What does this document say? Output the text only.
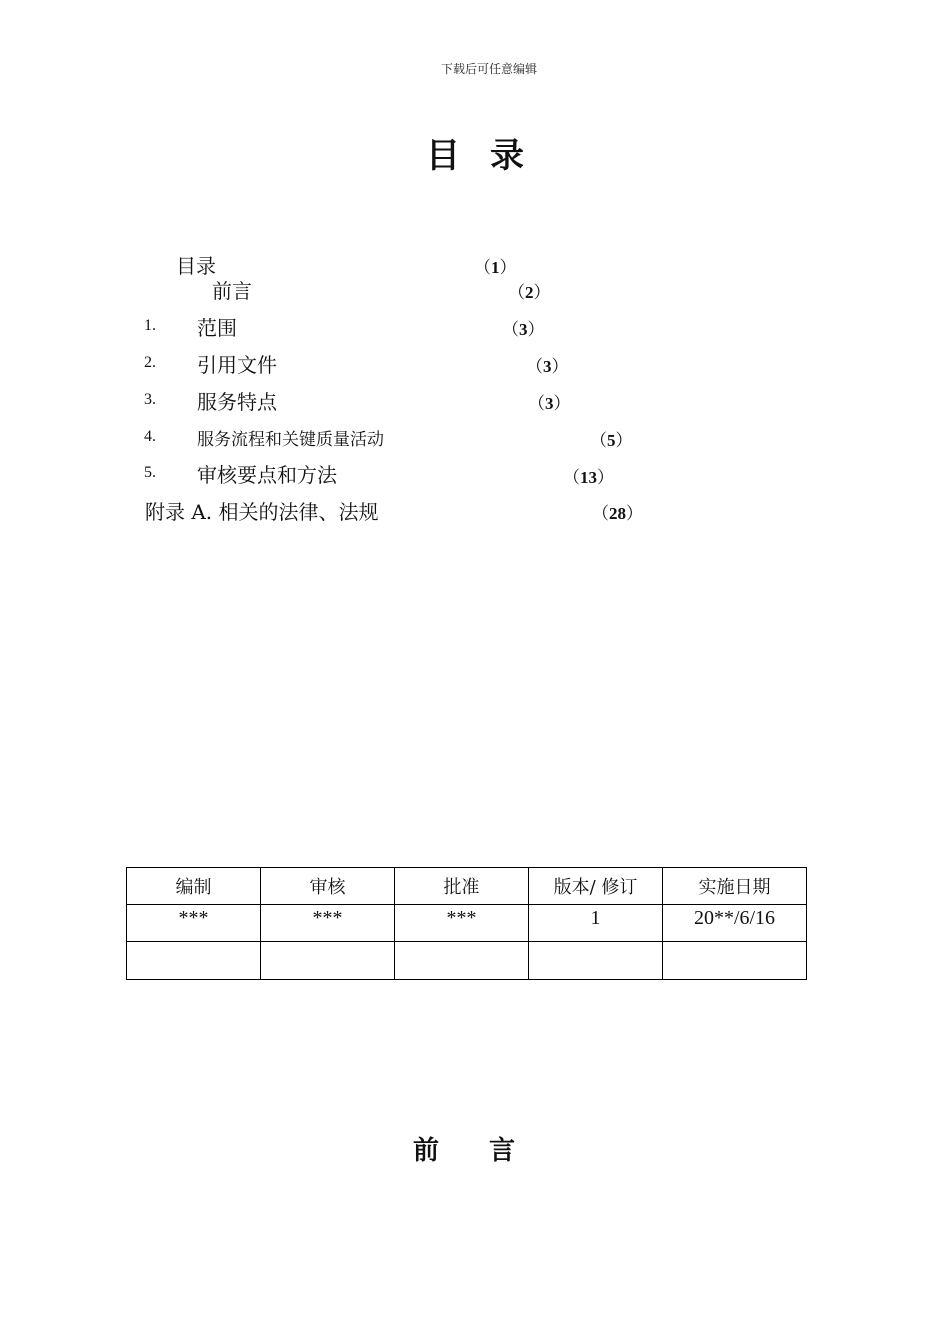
下载后可任意编辑
目录
目录	（1）
前言	（2）
1. 范围	（3）
2. 引用文件	（3）
3. 服务特点	（3）
4. 服务流程和关键质量活动	（5）
5. 审核要点和方法	（13）
附录 A. 相关的法律、法规	（28）
编制	审核	批准	版本/ 修订	实施日期
***	***	***	1	20**/6/16

前言
